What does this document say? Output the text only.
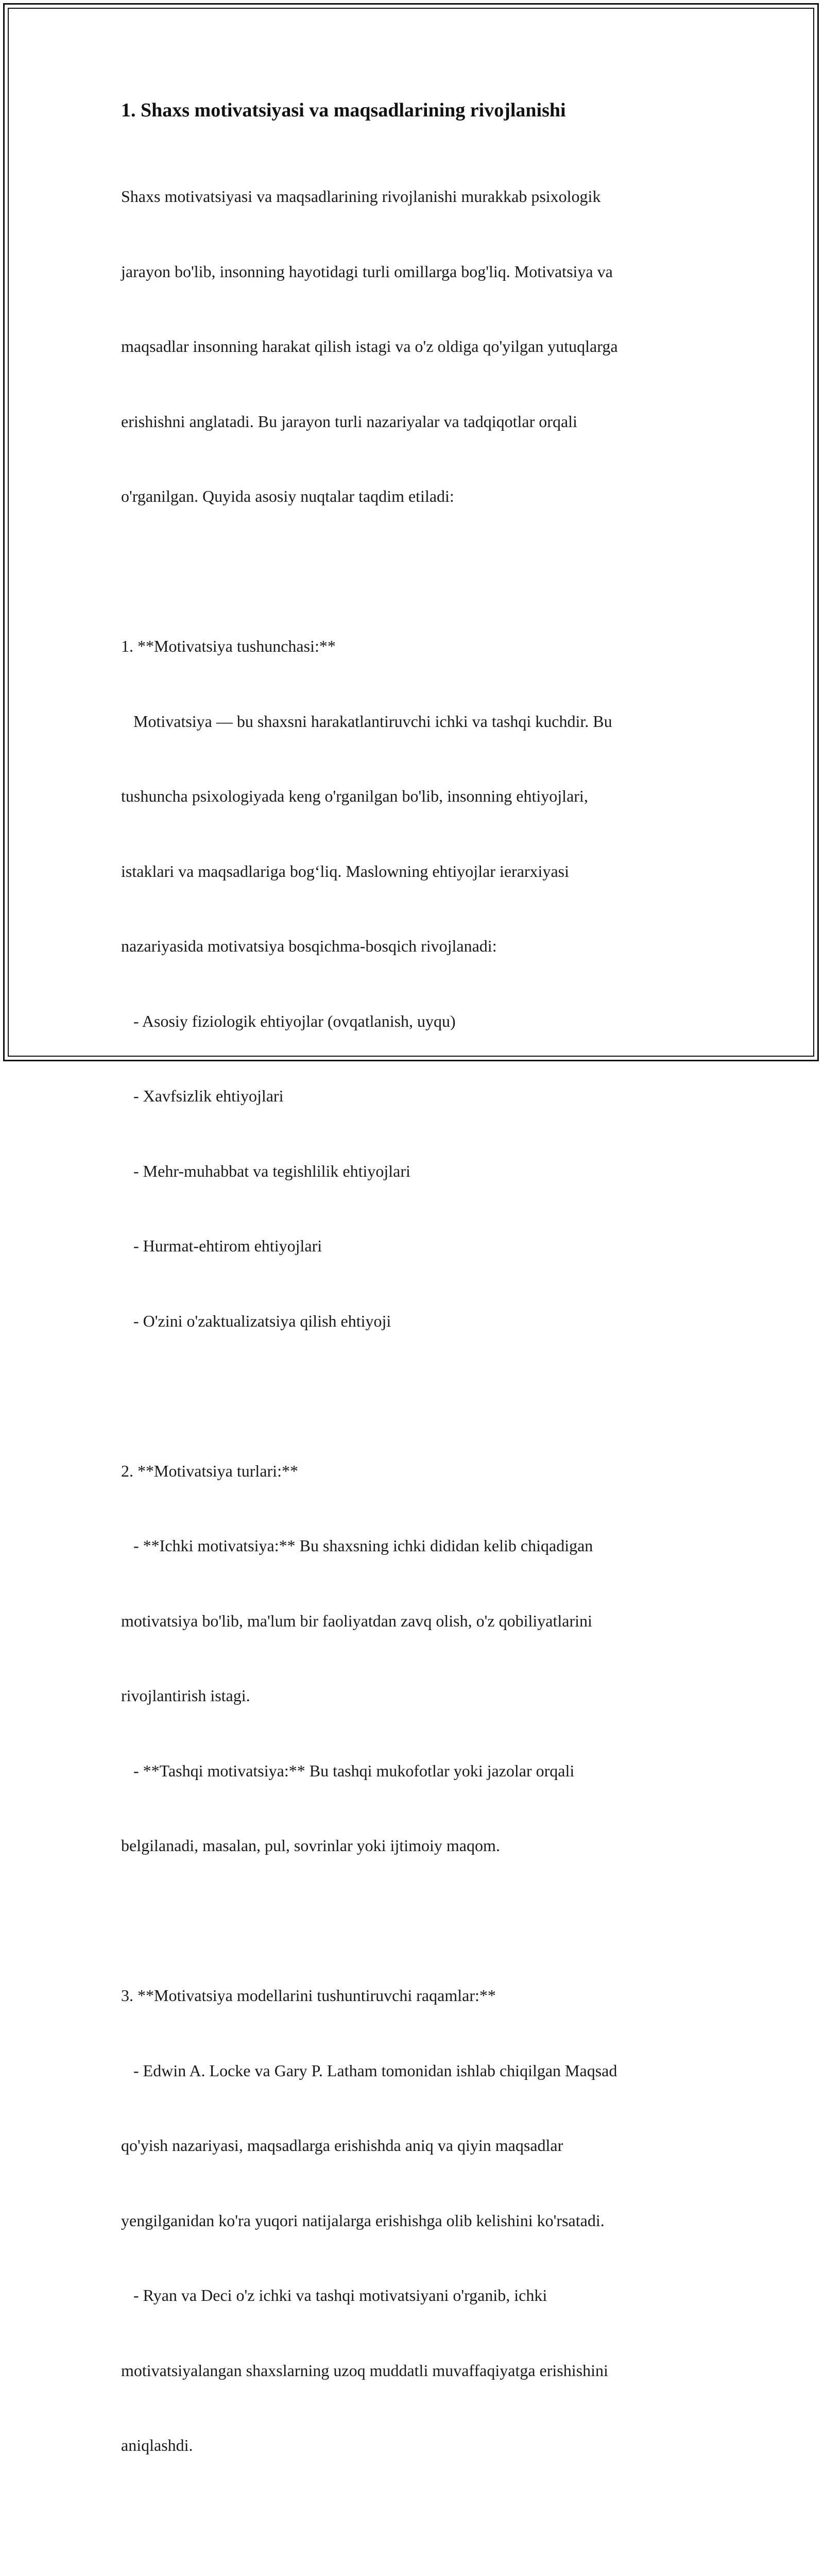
1. Shaxs motivatsiyasi va maqsadlarining rivojlanishi

Shaxs motivatsiyasi va maqsadlarining rivojlanishi murakkab psixologik

jarayon bo'lib, insonning hayotidagi turli omillarga bog'liq. Motivatsiya va

maqsadlar insonning harakat qilish istagi va o'z oldiga qo'yilgan yutuqlarga

erishishni anglatadi. Bu jarayon turli nazariyalar va tadqiqotlar orqali

o'rganilgan. Quyida asosiy nuqtalar taqdim etiladi:

1. **Motivatsiya tushunchasi:**

Motivatsiya — bu shaxsni harakatlantiruvchi ichki va tashqi kuchdir. Bu

tushuncha psixologiyada keng o'rganilgan bo'lib, insonning ehtiyojlari,

istaklari va maqsadlariga bog‘liq. Maslowning ehtiyojlar ierarxiyasi

nazariyasida motivatsiya bosqichma-bosqich rivojlanadi:

- Asosiy fiziologik ehtiyojlar (ovqatlanish, uyqu)

- Xavfsizlik ehtiyojlari

- Mehr-muhabbat va tegishlilik ehtiyojlari

- Hurmat-ehtirom ehtiyojlari

- O'zini o'zaktualizatsiya qilish ehtiyoji

2. **Motivatsiya turlari:**

- **Ichki motivatsiya:** Bu shaxsning ichki dididan kelib chiqadigan

motivatsiya bo'lib, ma'lum bir faoliyatdan zavq olish, o'z qobiliyatlarini

rivojlantirish istagi.

- **Tashqi motivatsiya:** Bu tashqi mukofotlar yoki jazolar orqali

belgilanadi, masalan, pul, sovrinlar yoki ijtimoiy maqom.

3. **Motivatsiya modellarini tushuntiruvchi raqamlar:**

- Edwin A. Locke va Gary P. Latham tomonidan ishlab chiqilgan Maqsad

qo'yish nazariyasi, maqsadlarga erishishda aniq va qiyin maqsadlar

yengilganidan ko'ra yuqori natijalarga erishishga olib kelishini ko'rsatadi.

- Ryan va Deci o'z ichki va tashqi motivatsiyani o'rganib, ichki

motivatsiyalangan shaxslarning uzoq muddatli muvaffaqiyatga erishishini

aniqlashdi.
